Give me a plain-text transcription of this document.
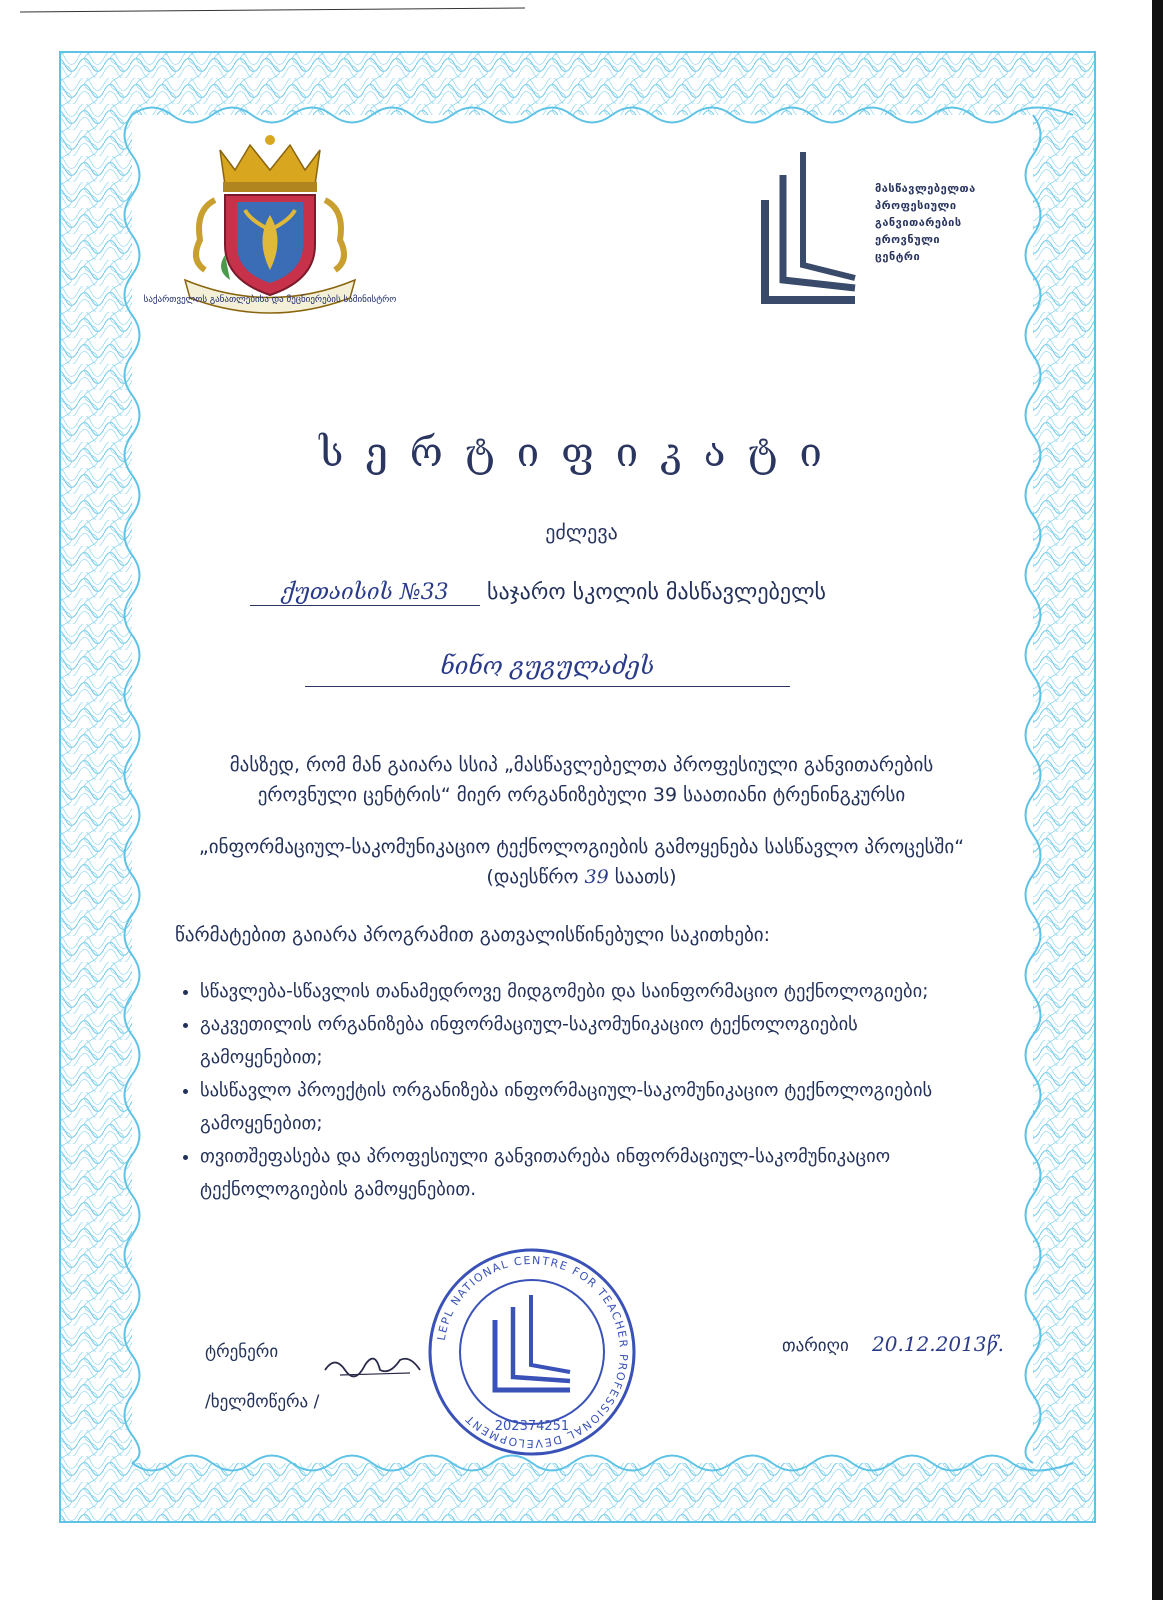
საქართველოს განათლებისა და მეცნიერების სამინისტრო
მასწავლებელთა
პროფესიული
განვითარების
ეროვნული
ცენტრი
სერტიფიკატი
ეძლევა
ქუთაისის №33 საჯარო სკოლის მასწავლებელს
ნინო გუგულაძეს
მასზედ, რომ მან გაიარა სსიპ „მასწავლებელთა პროფესიული განვითარების
ეროვნული ცენტრის“ მიერ ორგანიზებული 39 საათიანი ტრენინგკურსი
„ინფორმაციულ-საკომუნიკაციო ტექნოლოგიების გამოყენება სასწავლო პროცესში“
(დაესწრო 39 საათს)
წარმატებით გაიარა პროგრამით გათვალისწინებული საკითხები:
• სწავლება-სწავლის თანამედროვე მიდგომები და საინფორმაციო ტექნოლოგიები;
• გაკვეთილის ორგანიზება ინფორმაციულ-საკომუნიკაციო ტექნოლოგიების გამოყენებით;
• სასწავლო პროექტის ორგანიზება ინფორმაციულ-საკომუნიკაციო ტექნოლოგიების გამოყენებით;
• თვითშეფასება და პროფესიული განვითარება ინფორმაციულ-საკომუნიკაციო ტექნოლოგიების გამოყენებით.
ტრენერი
/ხელმოწერა /
LEPL NATIONAL CENTRE FOR TEACHER PROFESSIONAL DEVELOPMENT	202374251
თარიღი 20.12.2013წ.
